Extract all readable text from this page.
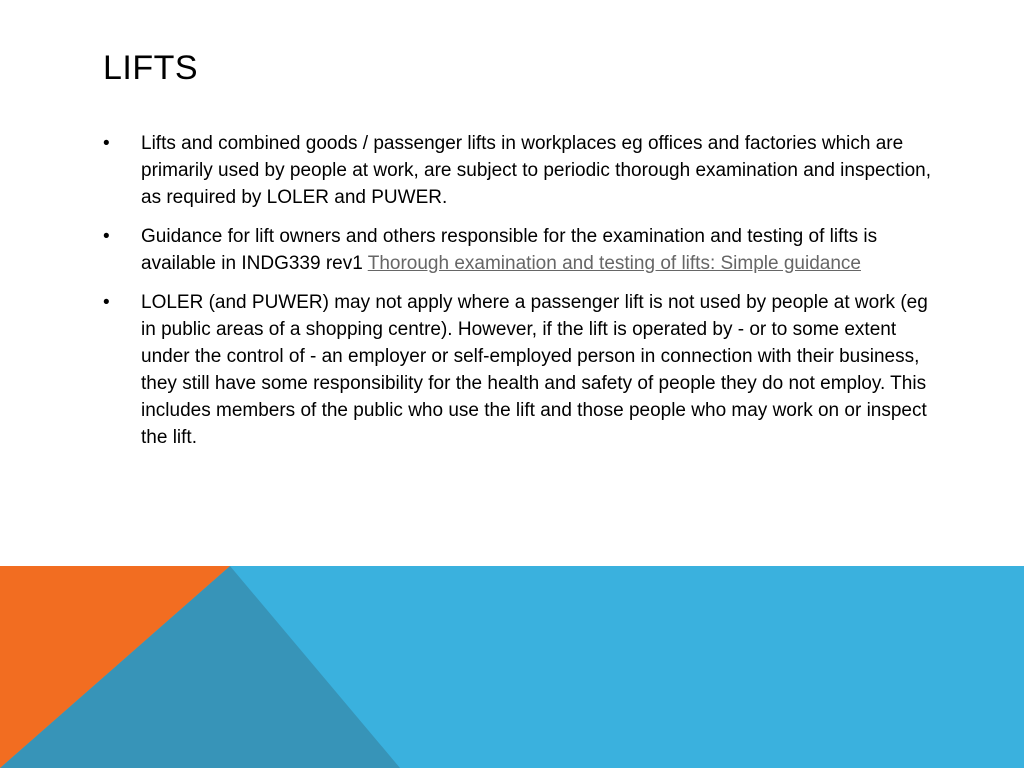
LIFTS
• Lifts and combined goods / passenger lifts in workplaces eg offices and factories which are primarily used by people at work, are subject to periodic thorough examination and inspection, as required by LOLER and PUWER.
• Guidance for lift owners and others responsible for the examination and testing of lifts is available in INDG339 rev1 Thorough examination and testing of lifts: Simple guidance
• LOLER (and PUWER) may not apply where a passenger lift is not used by people at work (eg in public areas of a shopping centre). However, if the lift is operated by - or to some extent under the control of - an employer or self-employed person in connection with their business, they still have some responsibility for the health and safety of people they do not employ. This includes members of the public who use the lift and those people who may work on or inspect the lift.
